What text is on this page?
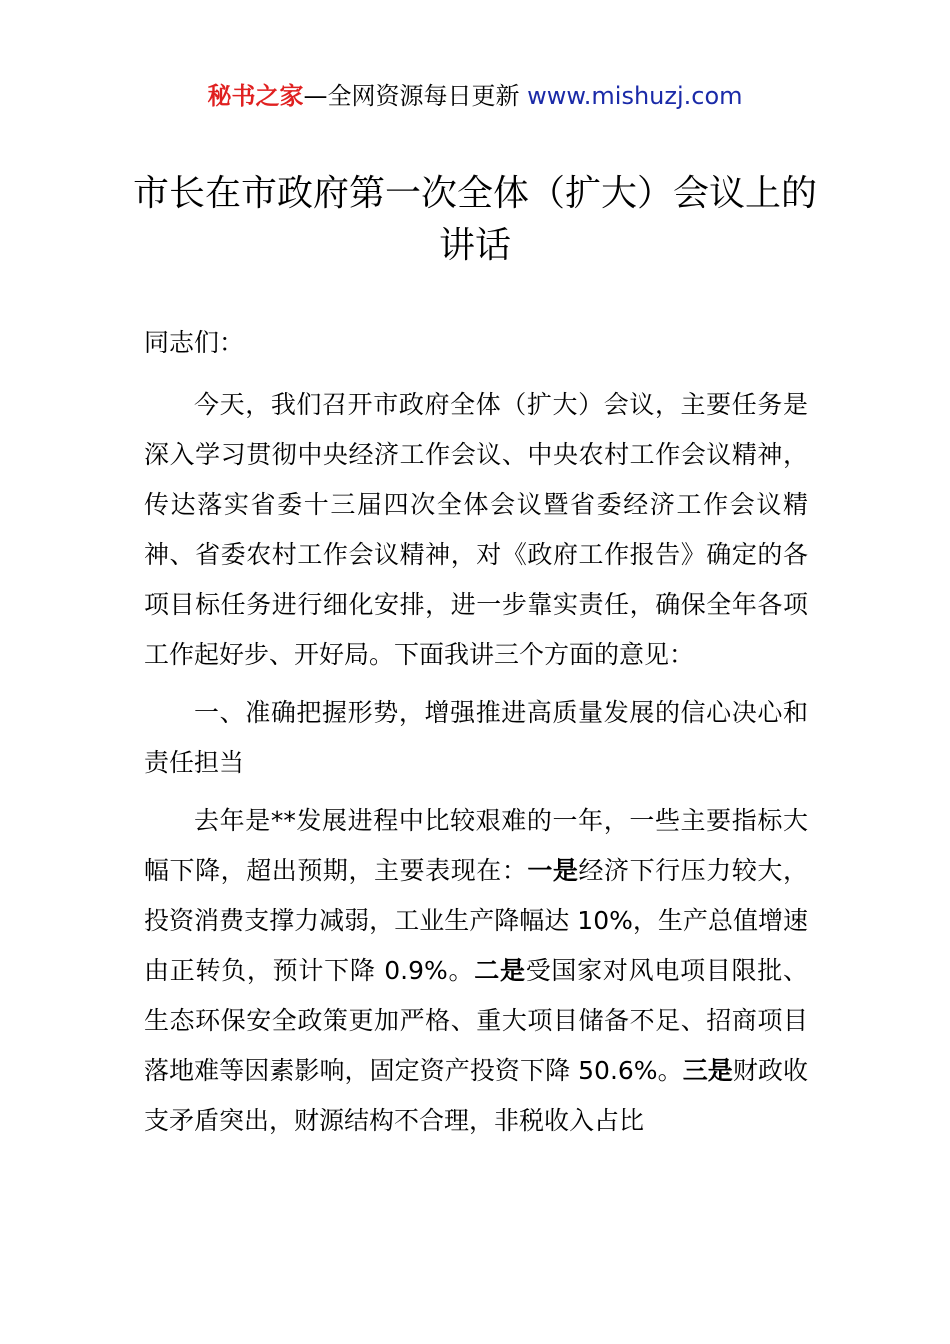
秘书之家—全网资源每日更新 www.mishuzj.com
市长在市政府第一次全体（扩大）会议上的讲话

同志们：

今天，我们召开市政府全体（扩大）会议，主要任务是深入学习贯彻中央经济工作会议、中央农村工作会议精神，传达落实省委十三届四次全体会议暨省委经济工作会议精神、省委农村工作会议精神，对《政府工作报告》确定的各项目标任务进行细化安排，进一步靠实责任，确保全年各项工作起好步、开好局。下面我讲三个方面的意见：

一、准确把握形势，增强推进高质量发展的信心决心和责任担当

去年是**发展进程中比较艰难的一年，一些主要指标大幅下降，超出预期，主要表现在：一是经济下行压力较大，投资消费支撑力减弱，工业生产降幅达 10%，生产总值增速由正转负，预计下降 0.9%。二是受国家对风电项目限批、生态环保安全政策更加严格、重大项目储备不足、招商项目落地难等因素影响，固定资产投资下降 50.6%。三是财政收支矛盾突出，财源结构不合理，非税收入占比
